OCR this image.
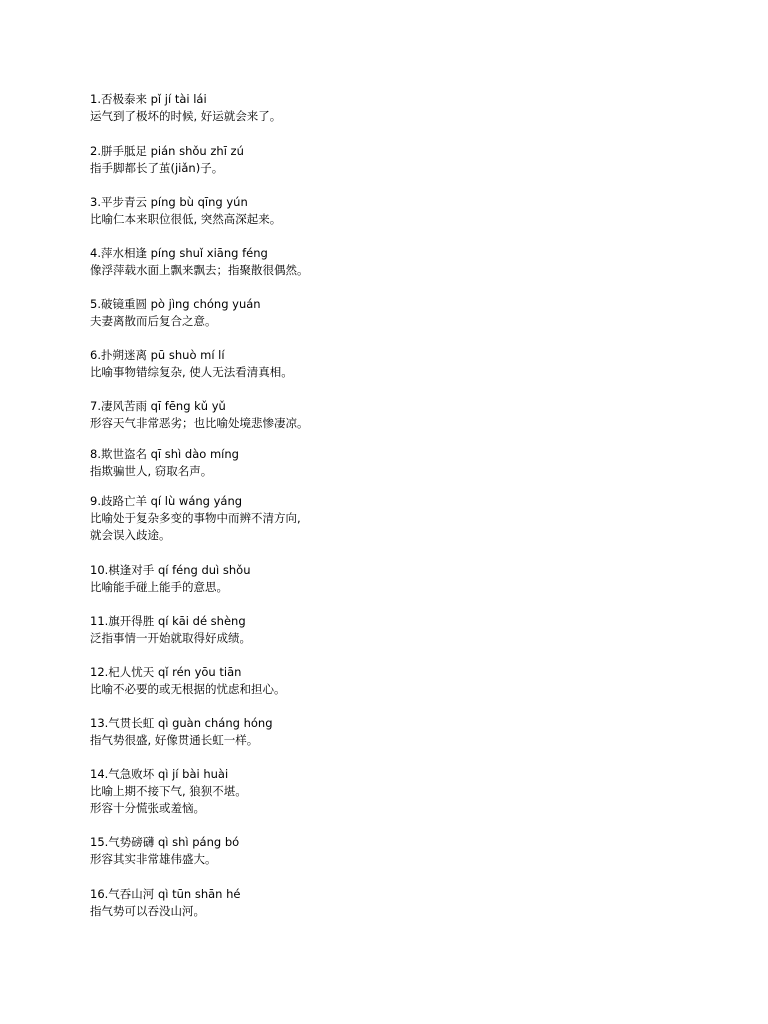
1.否极泰来 pǐ jí tài lái
运气到了极坏的时候, 好运就会来了。
2.胼手胝足 pián shǒu zhī zú
指手脚都长了茧(jiǎn)子。
3.平步青云 píng bù qīng yún
比喻仁本来职位很低, 突然高深起来。
4.萍水相逢 píng shuǐ xiāng féng
像浮萍载水面上飘来飘去；指聚散很偶然。
5.破镜重圆 pò jìng chóng yuán
夫妻离散而后复合之意。
6.扑朔迷离 pū shuò mí lí
比喻事物错综复杂, 使人无法看清真相。
7.凄风苦雨 qī fēng kǔ yǔ
形容天气非常恶劣；也比喻处境悲惨凄凉。
8.欺世盗名 qī shì dào míng
指欺骗世人, 窃取名声。
9.歧路亡羊 qí lù wáng yáng
比喻处于复杂多变的事物中而辨不清方向,
就会误入歧途。
10.棋逢对手 qí féng duì shǒu
比喻能手碰上能手的意思。
11.旗开得胜 qí kāi dé shèng
泛指事情一开始就取得好成绩。
12.杞人忧天 qǐ rén yōu tiān
比喻不必要的或无根据的忧虑和担心。
13.气贯长虹 qì guàn cháng hóng
指气势很盛, 好像贯通长虹一样。
14.气急败坏 qì jí bài huài
比喻上期不接下气, 狼狈不堪。
形容十分慌张或羞恼。
15.气势磅礴 qì shì páng bó
形容其实非常雄伟盛大。
16.气吞山河 qì tūn shān hé
指气势可以吞没山河。
